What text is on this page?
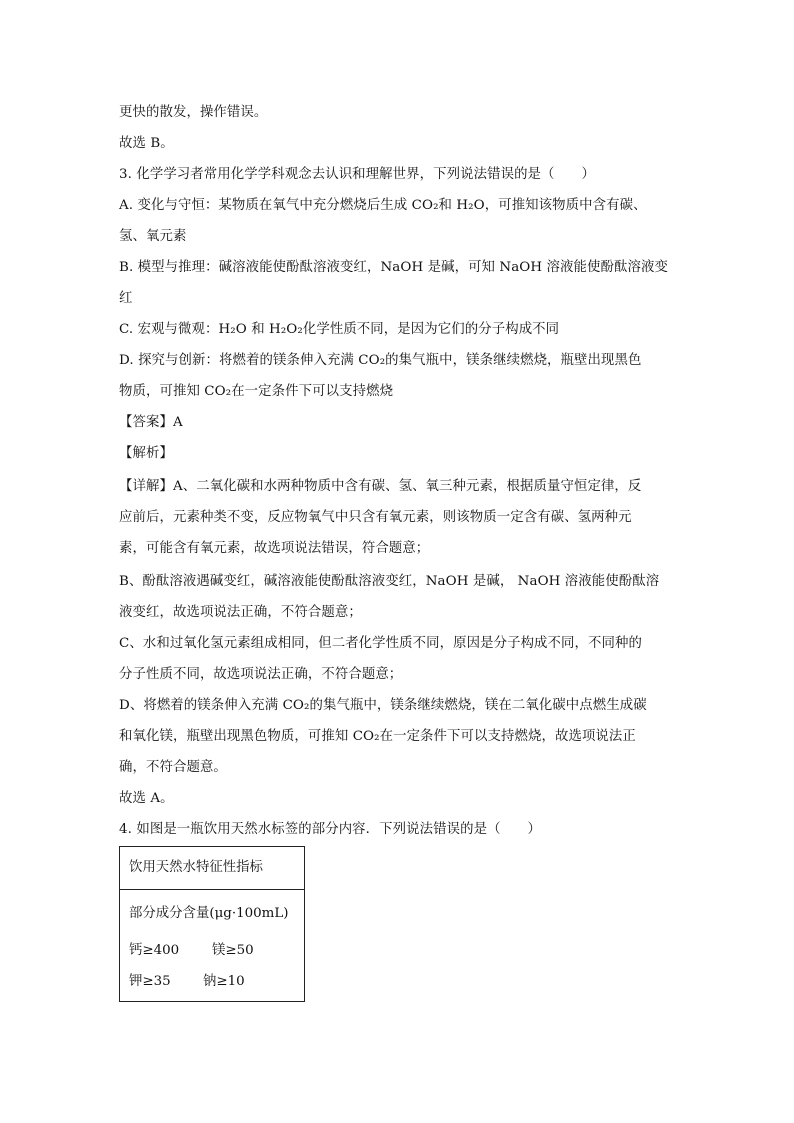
更快的散发，操作错误。
故选 B。
3. 化学学习者常用化学学科观念去认识和理解世界，下列说法错误的是（　　）
A. 变化与守恒：某物质在氧气中充分燃烧后生成 CO₂和 H₂O，可推知该物质中含有碳、
氢、氧元素
B. 模型与推理：碱溶液能使酚酞溶液变红，NaOH 是碱，可知 NaOH 溶液能使酚酞溶液变
红
C. 宏观与微观：H₂O 和 H₂O₂化学性质不同，是因为它们的分子构成不同
D. 探究与创新：将燃着的镁条伸入充满 CO₂的集气瓶中，镁条继续燃烧，瓶壁出现黑色
物质，可推知 CO₂在一定条件下可以支持燃烧
【答案】A
【解析】
【详解】A、二氧化碳和水两种物质中含有碳、氢、氧三种元素，根据质量守恒定律，反
应前后，元素种类不变，反应物氧气中只含有氧元素，则该物质一定含有碳、氢两种元
素，可能含有氧元素，故选项说法错误，符合题意；
B、酚酞溶液遇碱变红，碱溶液能使酚酞溶液变红，NaOH 是碱， NaOH 溶液能使酚酞溶
液变红，故选项说法正确，不符合题意；
C、水和过氧化氢元素组成相同，但二者化学性质不同，原因是分子构成不同，不同种的
分子性质不同，故选项说法正确，不符合题意；
D、将燃着的镁条伸入充满 CO₂的集气瓶中，镁条继续燃烧，镁在二氧化碳中点燃生成碳
和氧化镁，瓶壁出现黑色物质，可推知 CO₂在一定条件下可以支持燃烧，故选项说法正
确，不符合题意。
故选 A。
4. 如图是一瓶饮用天然水标签的部分内容．下列说法错误的是（　　）
饮用天然水特征性指标
部分成分含量(μg·100mL)
钙≥400 镁≥50
钾≥35 钠≥10
